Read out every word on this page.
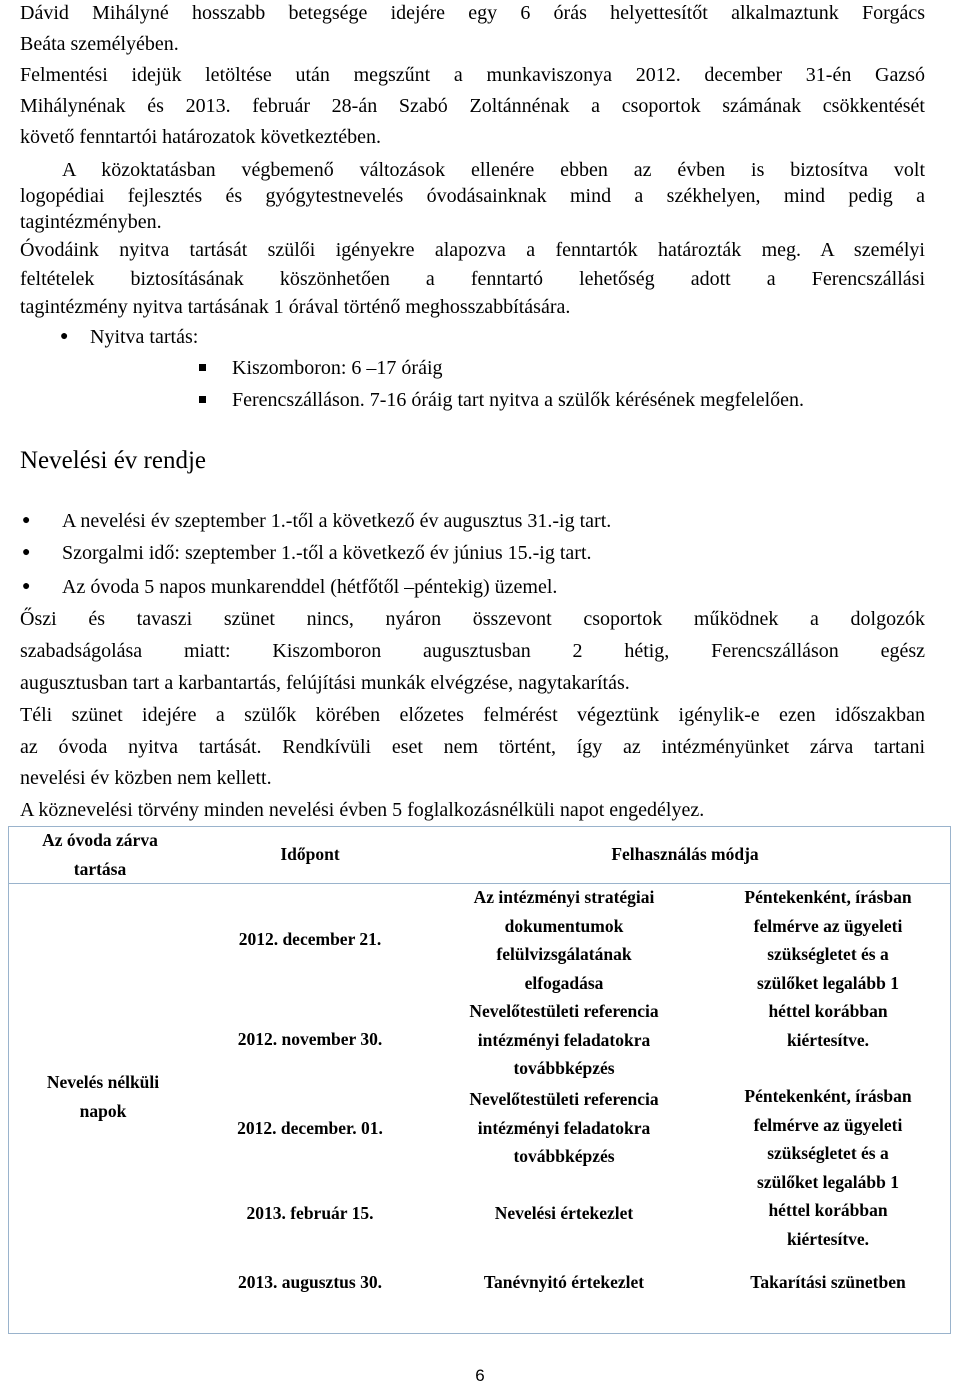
Dávid Mihályné hosszabb betegsége idejére egy 6 órás helyettesítőt alkalmaztunk Forgács
Beáta személyében.
Felmentési idejük letöltése után megszűnt a munkaviszonya 2012. december 31-én Gazsó
Mihálynénak és 2013. február 28-án Szabó Zoltánnénak a csoportok számának csökkentését
követő fenntartói határozatok következtében.
A közoktatásban végbemenő változások ellenére ebben az évben is biztosítva volt
logopédiai fejlesztés és gyógytestnevelés óvodásainknak mind a székhelyen, mind pedig a
tagintézményben.
Óvodáink nyitva tartását szülői igényekre alapozva a fenntartók határozták meg. A személyi
feltételek biztosításának köszönhetően a fenntartó lehetőség adott a Ferencszállási
tagintézmény nyitva tartásának 1 órával történő meghosszabbítására.
● Nyitva tartás:
Kiszomboron: 6 –17 óráig
Ferencszálláson. 7-16 óráig tart nyitva a szülők kérésének megfelelően.
Nevelési év rendje
● A nevelési év szeptember 1.-től a következő év augusztus 31.-ig tart.
● Szorgalmi idő: szeptember 1.-től a következő év június 15.-ig tart.
● Az óvoda 5 napos munkarenddel (hétfőtől –péntekig) üzemel.
Őszi és tavaszi szünet nincs, nyáron összevont csoportok működnek a dolgozók
szabadságolása miatt: Kiszomboron augusztusban 2 hétig, Ferencszálláson egész
augusztusban tart a karbantartás, felújítási munkák elvégzése, nagytakarítás.
Téli szünet idejére a szülők körében előzetes felmérést végeztünk igénylik-e ezen időszakban
az óvoda nyitva tartását. Rendkívüli eset nem történt, így az intézményünket zárva tartani
nevelési év közben nem kellett.
A köznevelési törvény minden nevelési évben 5 foglalkozásnélküli napot engedélyez.
Az óvoda zárva
tartása
Időpont	Felhasználás módja
Nevelés nélküli
napok
2012. december 21.
2012. november 30.
2012. december. 01.
2013. február 15.
2013. augusztus 30.
Az intézményi stratégiai
dokumentumok
felülvizsgálatának
elfogadása
Nevelőtestületi referencia
intézményi feladatokra
továbbképzés
Nevelőtestületi referencia
intézményi feladatokra
továbbképzés
Nevelési értekezlet
Tanévnyitó értekezlet
Péntekenként, írásban
felmérve az ügyeleti
szükségletet és a
szülőket legalább 1
héttel korábban
kiértesítve.
Péntekenként, írásban
felmérve az ügyeleti
szükségletet és a
szülőket legalább 1
héttel korábban
kiértesítve.
Takarítási szünetben
6
